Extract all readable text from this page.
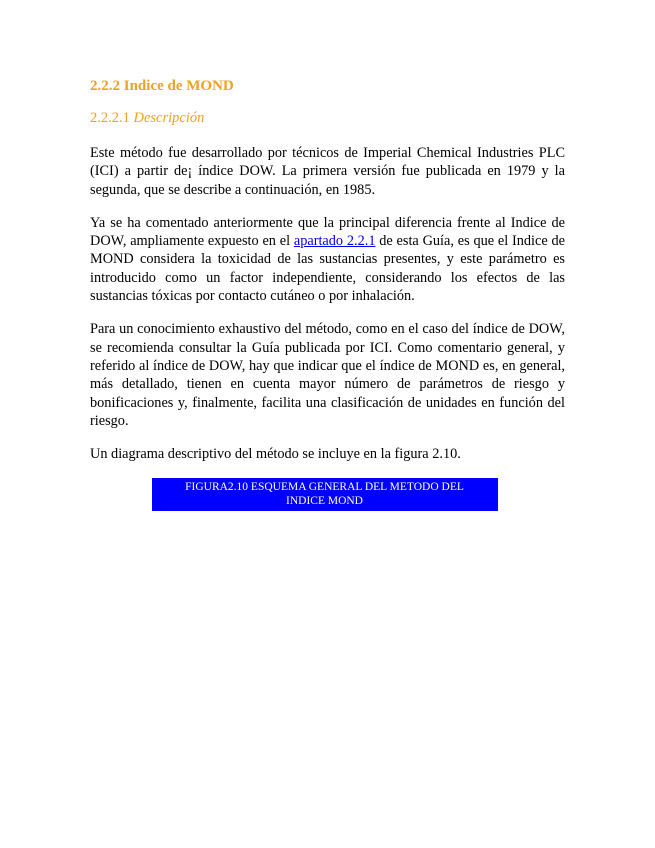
2.2.2 Indice de MOND
2.2.2.1 Descripción

Este método fue desarrollado por técnicos de Imperial Chemical Industries PLC (ICI) a partir de¡ índice DOW. La primera versión fue publicada en 1979 y la segunda, que se describe a continuación, en 1985.

Ya se ha comentado anteriormente que la principal diferencia frente al Indice de DOW, ampliamente expuesto en el apartado 2.2.1 de esta Guía, es que el Indice de MOND considera la toxicidad de las sustancias presentes, y este parámetro es introducido como un factor independiente, considerando los efectos de las sustancias tóxicas por contacto cutáneo o por inhalación.

Para un conocimiento exhaustivo del método, como en el caso del índice de DOW, se recomienda consultar la Guía publicada por ICI. Como comentario general, y referido al índice de DOW, hay que indicar que el índice de MOND es, en general, más detallado, tienen en cuenta mayor número de parámetros de riesgo y bonificaciones y, finalmente, facilita una clasificación de unidades en función del riesgo.

Un diagrama descriptivo del método se incluye en la figura 2.10.

FIGURA2.10 ESQUEMA GENERAL DEL METODO DEL
INDICE MOND
